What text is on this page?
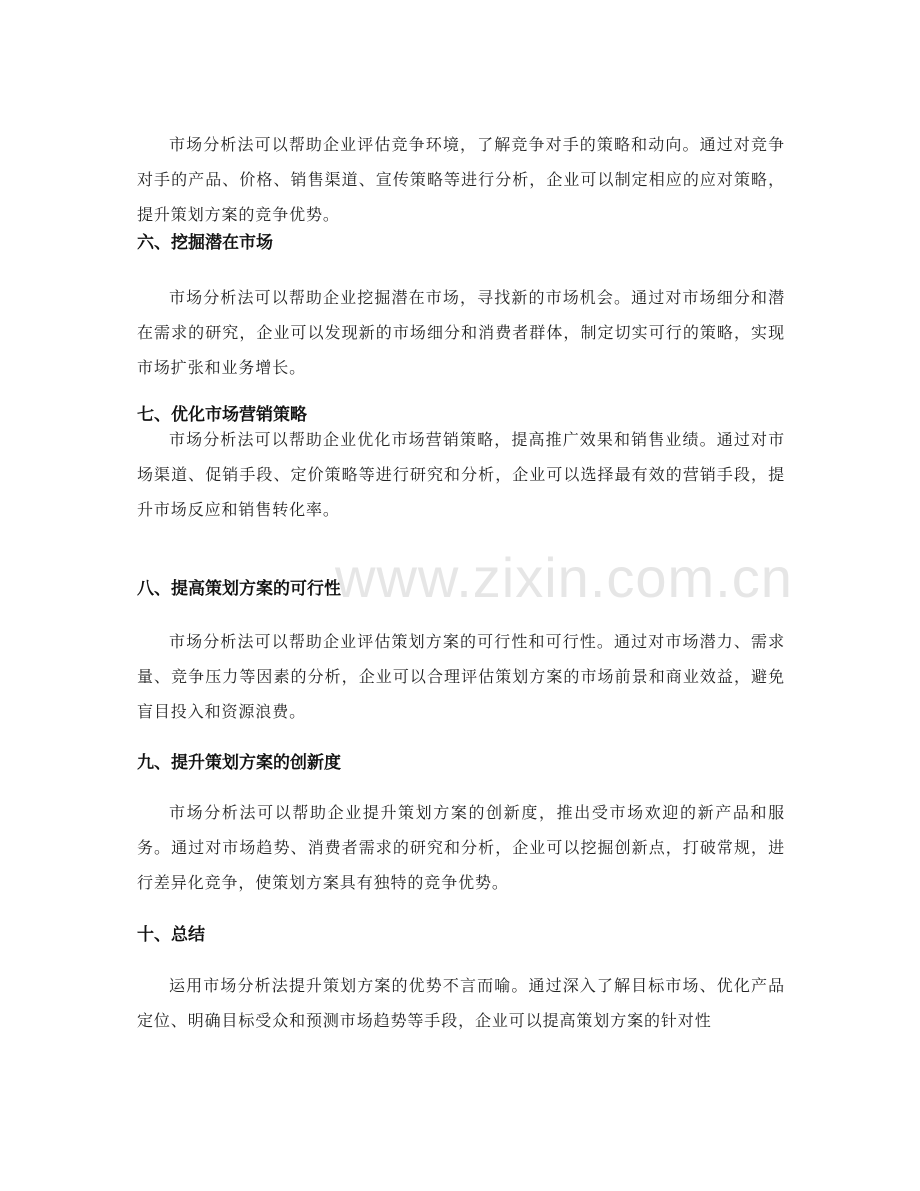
市场分析法可以帮助企业评估竞争环境，了解竞争对手的策略和动向。通过对竞争对手的产品、价格、销售渠道、宣传策略等进行分析，企业可以制定相应的应对策略，提升策划方案的竞争优势。

六、挖掘潜在市场

市场分析法可以帮助企业挖掘潜在市场，寻找新的市场机会。通过对市场细分和潜在需求的研究，企业可以发现新的市场细分和消费者群体，制定切实可行的策略，实现市场扩张和业务增长。

七、优化市场营销策略

市场分析法可以帮助企业优化市场营销策略，提高推广效果和销售业绩。通过对市场渠道、促销手段、定价策略等进行研究和分析，企业可以选择最有效的营销手段，提升市场反应和销售转化率。

八、提高策划方案的可行性

市场分析法可以帮助企业评估策划方案的可行性和可行性。通过对市场潜力、需求量、竞争压力等因素的分析，企业可以合理评估策划方案的市场前景和商业效益，避免盲目投入和资源浪费。

九、提升策划方案的创新度

市场分析法可以帮助企业提升策划方案的创新度，推出受市场欢迎的新产品和服务。通过对市场趋势、消费者需求的研究和分析，企业可以挖掘创新点，打破常规，进行差异化竞争，使策划方案具有独特的竞争优势。

十、总结

运用市场分析法提升策划方案的优势不言而喻。通过深入了解目标市场、优化产品定位、明确目标受众和预测市场趋势等手段，企业可以提高策划方案的针对性

www.zixin.com.cn
